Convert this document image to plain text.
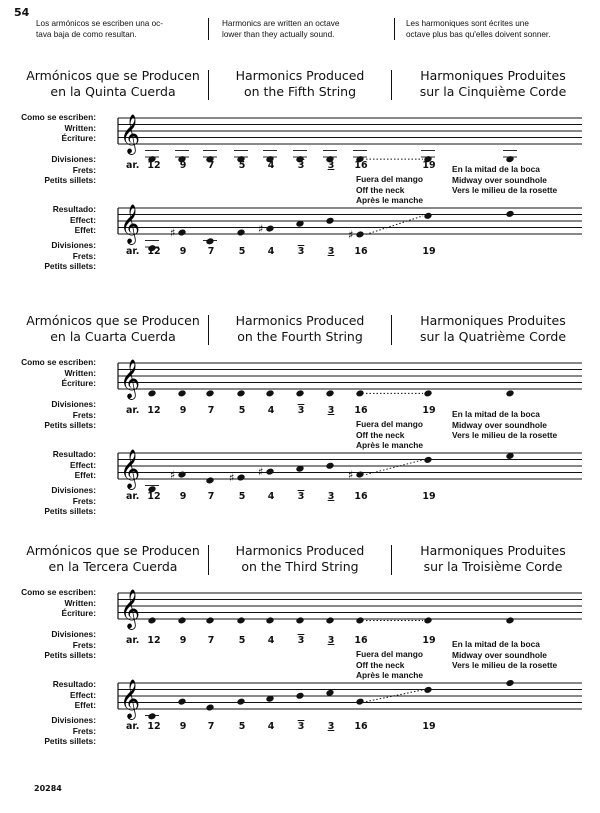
54
Los armónicos se escriben una oc-
tava baja de como resultan.
Harmonics are written an octave
lower than they actually sound.
Les harmoniques sont écrites une
octave plus bas qu'elles doivent sonner.
Armónicos que se Producen
en la Quinta Cuerda
Harmonics Produced
on the Fifth String
Harmoniques Produites
sur la Cinquième Corde
Como se escriben:
Written:
Écriture:
Divisiones:
Frets:
Petits sillets:
Resultado:
Effect:
Effet:
Divisiones:
Frets:
Petits sillets:
𝄞
𝄞	♯	♯	♯
ar. 12	9	7	5	4	3	3	16	19
ar. 12	9	7	5	4	3	3	16	19
Fuera del mango
Off the neck
Après le manche
En la mitad de la boca
Midway over soundhole
Vers le milieu de la rosette
Armónicos que se Producen
en la Cuarta Cuerda
Harmonics Produced
on the Fourth String
Harmoniques Produites
sur la Quatrième Corde
Como se escriben:
Written:
Écriture:
Divisiones:
Frets:
Petits sillets:
Resultado:
Effect:
Effet:
Divisiones:
Frets:
Petits sillets:
𝄞
𝄞	♯	♯ ♯	♯
ar. 12	9	7	5	4	3	3	16	19
ar. 12	9	7	5	4	3	3	16	19
Fuera del mango
Off the neck
Après le manche
En la mitad de la boca
Midway over soundhole
Vers le milieu de la rosette
Armónicos que se Producen
en la Tercera Cuerda
Harmonics Produced
on the Third String
Harmoniques Produites
sur la Troisième Corde
Como se escriben:
Written:
Écriture:
Divisiones:
Frets:
Petits sillets:
Resultado:
Effect:
Effet:
Divisiones:
Frets:
Petits sillets:
𝄞
𝄞
ar. 12	9	7	5	4	3	3	16	19
ar. 12	9	7	5	4	3	3	16	19
Fuera del mango
Off the neck
Après le manche
En la mitad de la boca
Midway over soundhole
Vers le milieu de la rosette
20284
